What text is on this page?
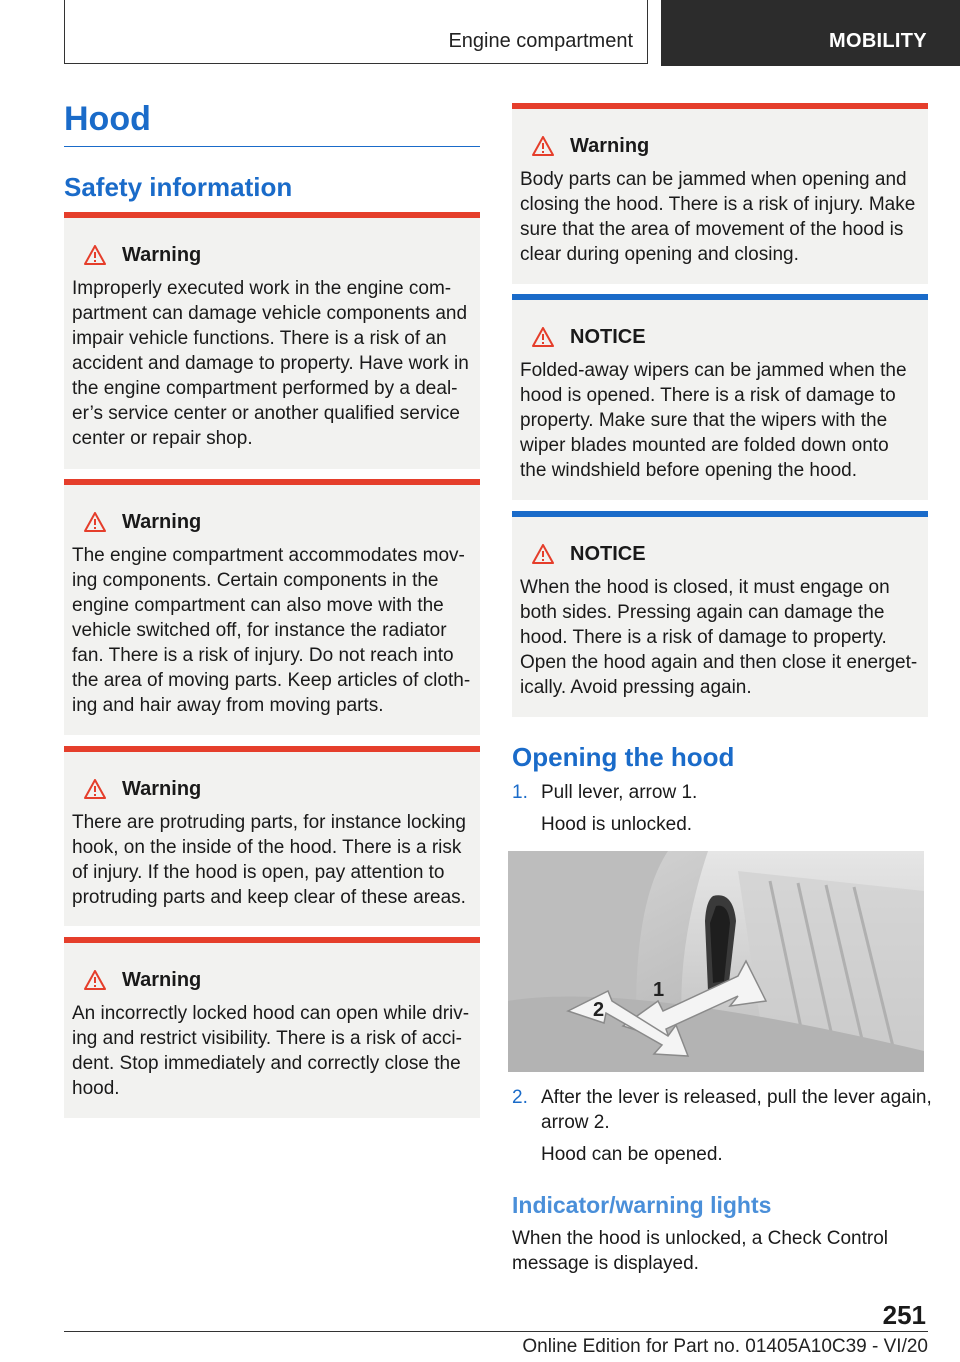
Engine compartment	MOBILITY
Hood
Safety information
Warning

Improperly executed work in the engine com-partment can damage vehicle components and impair vehicle functions. There is a risk of an accident and damage to property. Have work in the engine compartment performed by a deal-er’s service center or another qualified service center or repair shop.

Warning

The engine compartment accommodates mov-ing components. Certain components in the engine compartment can also move with the vehicle switched off, for instance the radiator fan. There is a risk of injury. Do not reach into the area of moving parts. Keep articles of cloth-ing and hair away from moving parts.

Warning

There are protruding parts, for instance locking hook, on the inside of the hood. There is a risk of injury. If the hood is open, pay attention to protruding parts and keep clear of these areas.

Warning

An incorrectly locked hood can open while driv-ing and restrict visibility. There is a risk of acci-dent. Stop immediately and correctly close the hood.

Warning

Body parts can be jammed when opening and closing the hood. There is a risk of injury. Make sure that the area of movement of the hood is clear during opening and closing.

NOTICE

Folded-away wipers can be jammed when the hood is opened. There is a risk of damage to property. Make sure that the wipers with the wiper blades mounted are folded down onto the windshield before opening the hood.

NOTICE

When the hood is closed, it must engage on both sides. Pressing again can damage the hood. There is a risk of damage to property. Open the hood again and then close it energet-ically. Avoid pressing again.

Opening the hood
1. Pull lever, arrow 1.
Hood is unlocked.
1
2
2. After the lever is released, pull the lever again, arrow 2.
Hood can be opened.
Indicator/warning lights

When the hood is unlocked, a Check Control message is displayed.

251
Online Edition for Part no. 01405A10C39 - VI/20
